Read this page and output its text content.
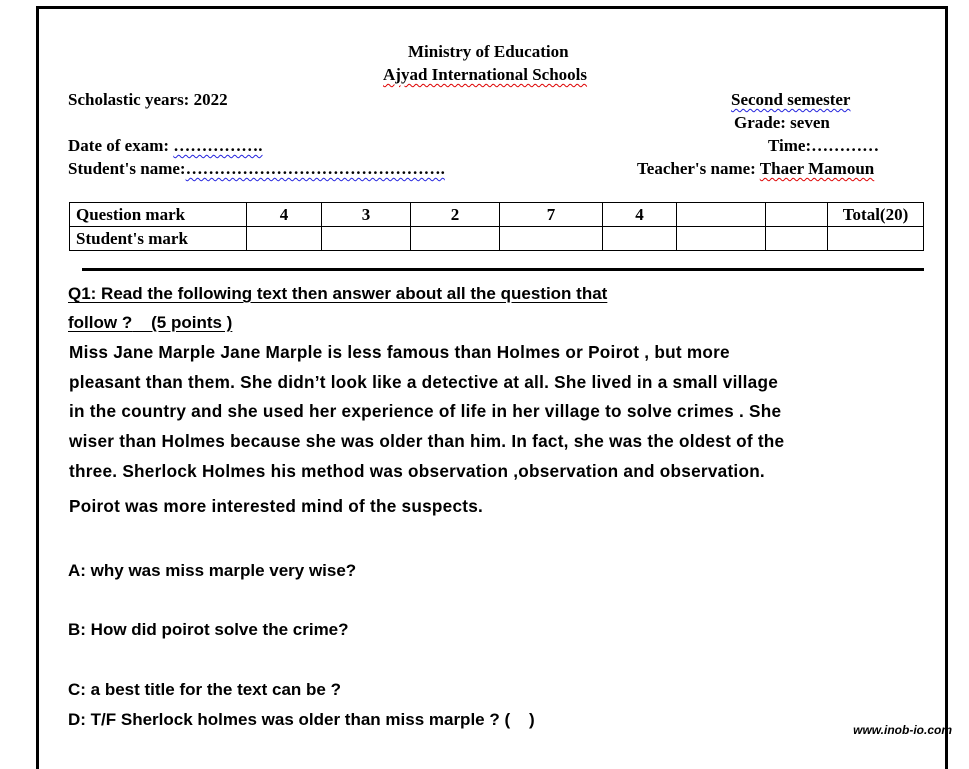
Ministry of Education
Ajyad International Schools
Scholastic years: 2022	Second semester
Grade: seven
Date of exam: …………….	Time:…………
Student's name:……………………………………….	Teacher's name: Thaer Mamoun
Question mark	4	3	2	7	4			Total(20)
Student's mark								
Q1: Read the following text then answer about all the question that
follow ?    (5 points )
Miss Jane Marple Jane Marple is less famous than Holmes or Poirot , but more
pleasant than them. She didn’t look like a detective at all. She lived in a small village
in the country and she used her experience of life in her village to solve crimes . She
wiser than Holmes because she was older than him. In fact, she was the oldest of the
three. Sherlock Holmes his method was observation ,observation and observation.
Poirot was more interested mind of the suspects.
A: why was miss marple very wise?
B: How did poirot solve the crime?
C: a best title for the text can be ?
D: T/F Sherlock holmes was older than miss marple ? (    )
www.inob-io.com
